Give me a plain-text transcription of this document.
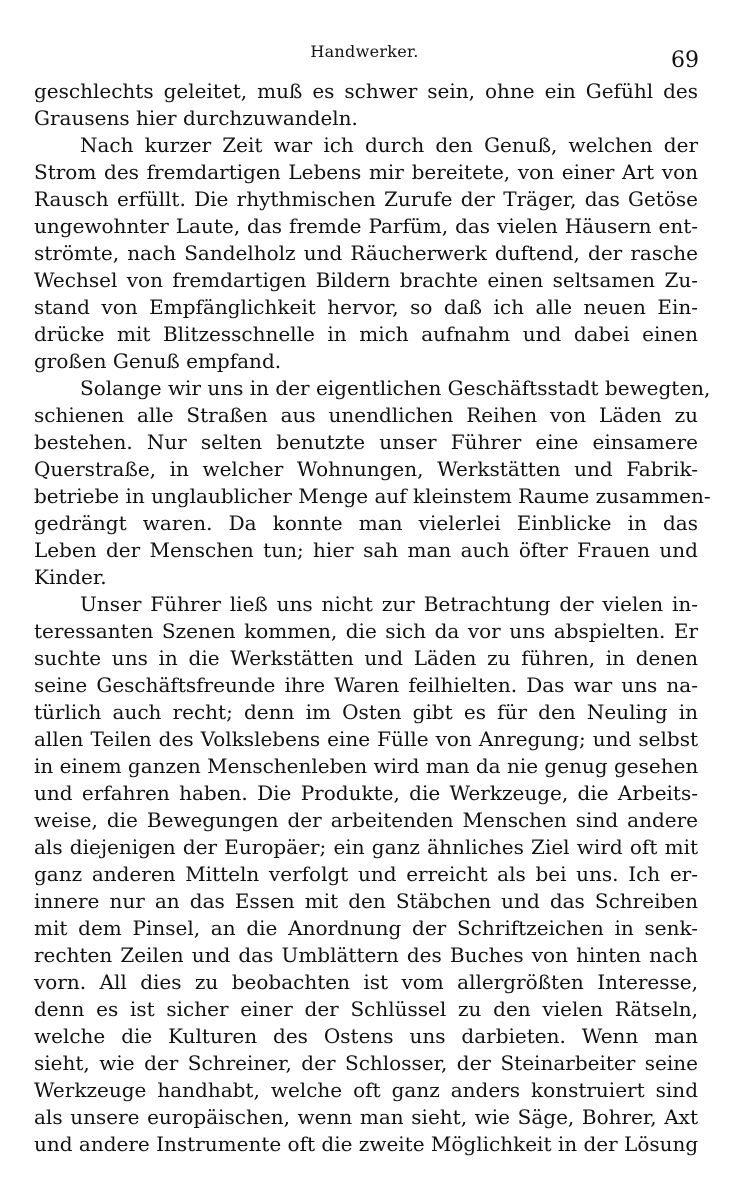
Handwerker.	69
geschlechts geleitet, muß es schwer sein, ohne ein Gefühl des
Grausens hier durchzuwandeln.
Nach kurzer Zeit war ich durch den Genuß, welchen der
Strom des fremdartigen Lebens mir bereitete, von einer Art von
Rausch erfüllt. Die rhythmischen Zurufe der Träger, das Getöse
ungewohnter Laute, das fremde Parfüm, das vielen Häusern ent-
strömte, nach Sandelholz und Räucherwerk duftend, der rasche
Wechsel von fremdartigen Bildern brachte einen seltsamen Zu-
stand von Empfänglichkeit hervor, so daß ich alle neuen Ein-
drücke mit Blitzesschnelle in mich aufnahm und dabei einen
großen Genuß empfand.
Solange wir uns in der eigentlichen Geschäftsstadt bewegten,
schienen alle Straßen aus unendlichen Reihen von Läden zu
bestehen. Nur selten benutzte unser Führer eine einsamere
Querstraße, in welcher Wohnungen, Werkstätten und Fabrik-
betriebe in unglaublicher Menge auf kleinstem Raume zusammen-
gedrängt waren. Da konnte man vielerlei Einblicke in das
Leben der Menschen tun; hier sah man auch öfter Frauen und
Kinder.
Unser Führer ließ uns nicht zur Betrachtung der vielen in-
teressanten Szenen kommen, die sich da vor uns abspielten. Er
suchte uns in die Werkstätten und Läden zu führen, in denen
seine Geschäftsfreunde ihre Waren feilhielten. Das war uns na-
türlich auch recht; denn im Osten gibt es für den Neuling in
allen Teilen des Volkslebens eine Fülle von Anregung; und selbst
in einem ganzen Menschenleben wird man da nie genug gesehen
und erfahren haben. Die Produkte, die Werkzeuge, die Arbeits-
weise, die Bewegungen der arbeitenden Menschen sind andere
als diejenigen der Europäer; ein ganz ähnliches Ziel wird oft mit
ganz anderen Mitteln verfolgt und erreicht als bei uns. Ich er-
innere nur an das Essen mit den Stäbchen und das Schreiben
mit dem Pinsel, an die Anordnung der Schriftzeichen in senk-
rechten Zeilen und das Umblättern des Buches von hinten nach
vorn. All dies zu beobachten ist vom allergrößten Interesse,
denn es ist sicher einer der Schlüssel zu den vielen Rätseln,
welche die Kulturen des Ostens uns darbieten. Wenn man
sieht, wie der Schreiner, der Schlosser, der Steinarbeiter seine
Werkzeuge handhabt, welche oft ganz anders konstruiert sind
als unsere europäischen, wenn man sieht, wie Säge, Bohrer, Axt
und andere Instrumente oft die zweite Möglichkeit in der Lösung
